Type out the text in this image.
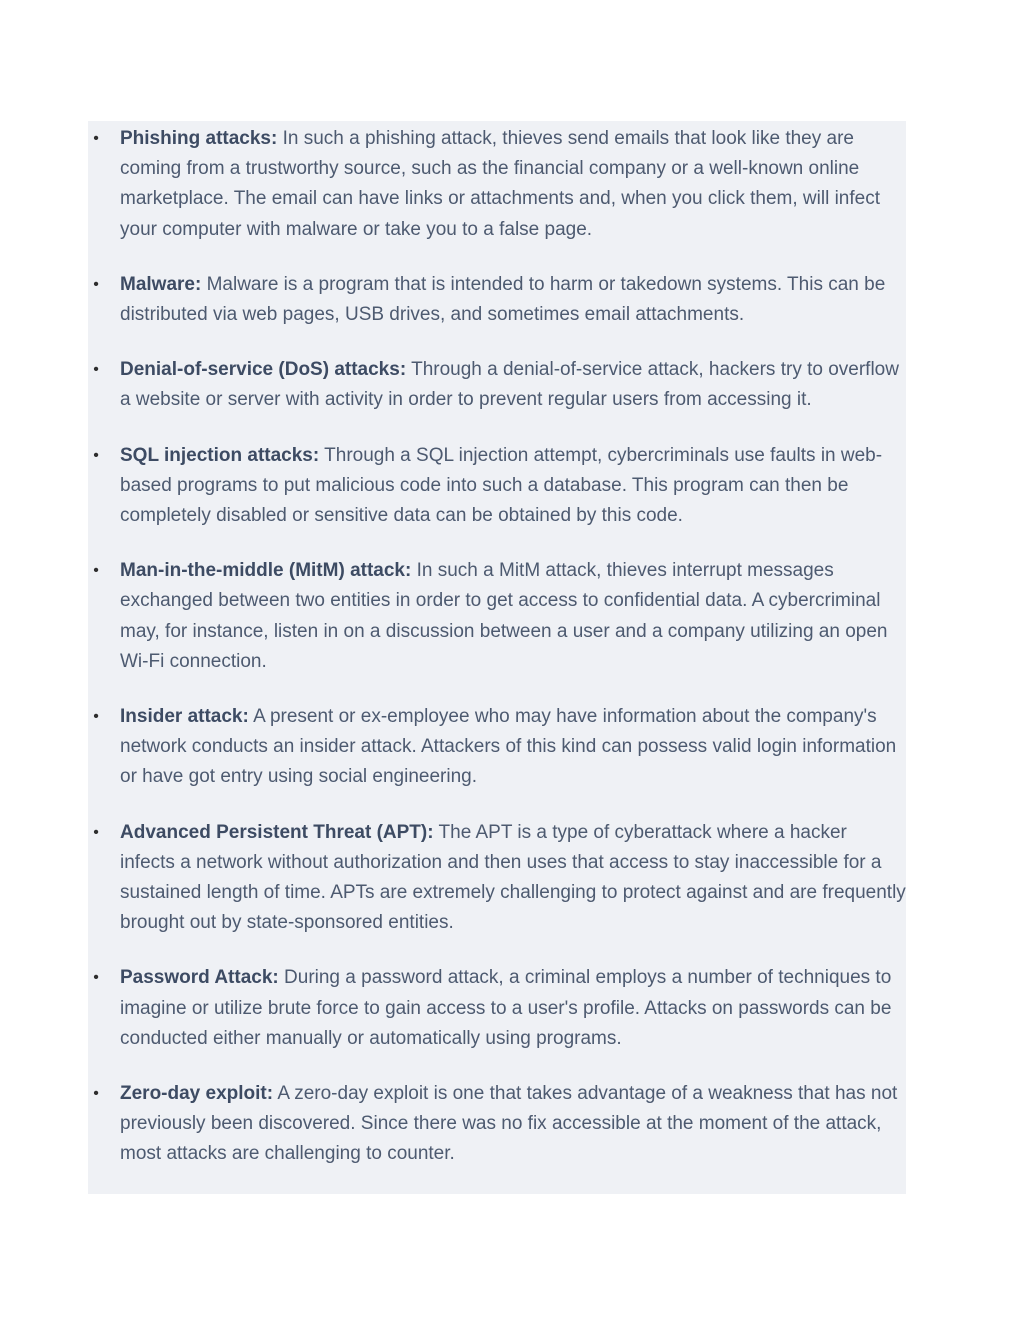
• Phishing attacks: In such a phishing attack, thieves send emails that look like they are coming from a trustworthy source, such as the financial company or a well-known online marketplace. The email can have links or attachments and, when you click them, will infect your computer with malware or take you to a false page.
• Malware: Malware is a program that is intended to harm or takedown systems. This can be distributed via web pages, USB drives, and sometimes email attachments.
• Denial-of-service (DoS) attacks: Through a denial-of-service attack, hackers try to overflow a website or server with activity in order to prevent regular users from accessing it.
• SQL injection attacks: Through a SQL injection attempt, cybercriminals use faults in web-based programs to put malicious code into such a database. This program can then be completely disabled or sensitive data can be obtained by this code.
• Man-in-the-middle (MitM) attack: In such a MitM attack, thieves interrupt messages exchanged between two entities in order to get access to confidential data. A cybercriminal may, for instance, listen in on a discussion between a user and a company utilizing an open Wi-Fi connection.
• Insider attack: A present or ex-employee who may have information about the company's network conducts an insider attack. Attackers of this kind can possess valid login information or have got entry using social engineering.
• Advanced Persistent Threat (APT): The APT is a type of cyberattack where a hacker infects a network without authorization and then uses that access to stay inaccessible for a sustained length of time. APTs are extremely challenging to protect against and are frequently brought out by state-sponsored entities.
• Password Attack: During a password attack, a criminal employs a number of techniques to imagine or utilize brute force to gain access to a user's profile. Attacks on passwords can be conducted either manually or automatically using programs.
• Zero-day exploit: A zero-day exploit is one that takes advantage of a weakness that has not previously been discovered. Since there was no fix accessible at the moment of the attack, most attacks are challenging to counter.
